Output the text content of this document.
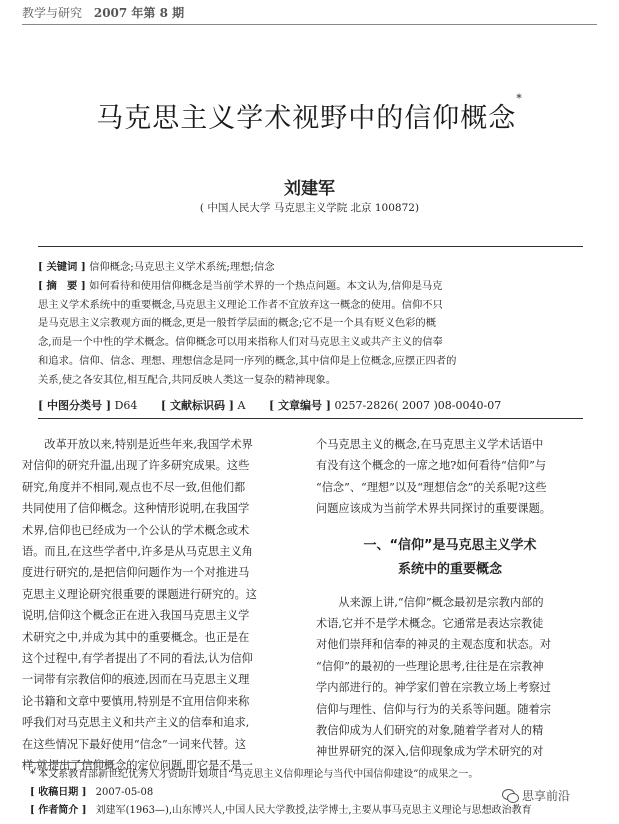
教学与研究 2007 年第 8 期
马克思主义学术视野中的信仰概念*
刘建军
( 中国人民大学 马克思主义学院 北京 100872)
[ 关键词 ] 信仰概念;马克思主义学术系统;理想;信念
[ 摘　要 ] 如何看待和使用信仰概念是当前学术界的一个热点问题。本文认为,信仰是马克
思主义学术系统中的重要概念,马克思主义理论工作者不宜放弃这一概念的使用。信仰不只
是马克思主义宗教观方面的概念,更是一般哲学层面的概念;它不是一个具有贬义色彩的概
念,而是一个中性的学术概念。信仰概念可以用来指称人们对马克思主义或共产主义的信奉
和追求。信仰、信念、理想、理想信念是同一序列的概念,其中信仰是上位概念,应摆正四者的
关系,使之各安其位,相互配合,共同反映人类这一复杂的精神现象。
[ 中图分类号 ] D64 [ 文献标识码 ] A [ 文章编号 ] 0257-2826( 2007 )08-0040-07
　　改革开放以来,特别是近些年来,我国学术界
对信仰的研究升温,出现了许多研究成果。这些
研究,角度并不相同,观点也不尽一致,但他们都
共同使用了信仰概念。这种情形说明,在我国学
术界,信仰也已经成为一个公认的学术概念或术
语。而且,在这些学者中,许多是从马克思主义角
度进行研究的,是把信仰问题作为一个对推进马
克思主义理论研究很重要的课题进行研究的。这
说明,信仰这个概念正在进入我国马克思主义学
术研究之中,并成为其中的重要概念。也正是在
这个过程中,有学者提出了不同的看法,认为信仰
一词带有宗教信仰的痕迹,因而在马克思主义理
论书籍和文章中要慎用,特别是不宜用信仰来称
呼我们对马克思主义和共产主义的信奉和追求,
在这些情况下最好使用“信念”一词来代替。这
样,就提出了信仰概念的定位问题,即它是不是一
个马克思主义的概念,在马克思主义学术话语中
有没有这个概念的一席之地?如何看待“信仰”与
“信念”、“理想”以及“理想信念”的关系呢?这些
问题应该成为当前学术界共同探讨的重要课题。
一、“信仰”是马克思主义学术
系统中的重要概念
　　从来源上讲,“信仰”概念最初是宗教内部的
术语,它并不是学术概念。它通常是表达宗教徒
对他们崇拜和信奉的神灵的主观态度和状态。对
“信仰”的最初的一些理论思考,往往是在宗教神
学内部进行的。神学家们曾在宗教立场上考察过
信仰与理性、信仰与行为的关系等问题。随着宗
教信仰成为人们研究的对象,随着学者对人的精
神世界研究的深入,信仰现象成为学术研究的对
* 本文系教育部新世纪优秀人才资助计划项目“马克思主义信仰理论与当代中国信仰建设”的成果之一。
[ 收稿日期 ] 2007-05-08
[ 作者简介 ] 刘建军(1963—),山东博兴人,中国人民大学教授,法学博士,主要从事马克思主义理论与思想政治教育
思享前沿
